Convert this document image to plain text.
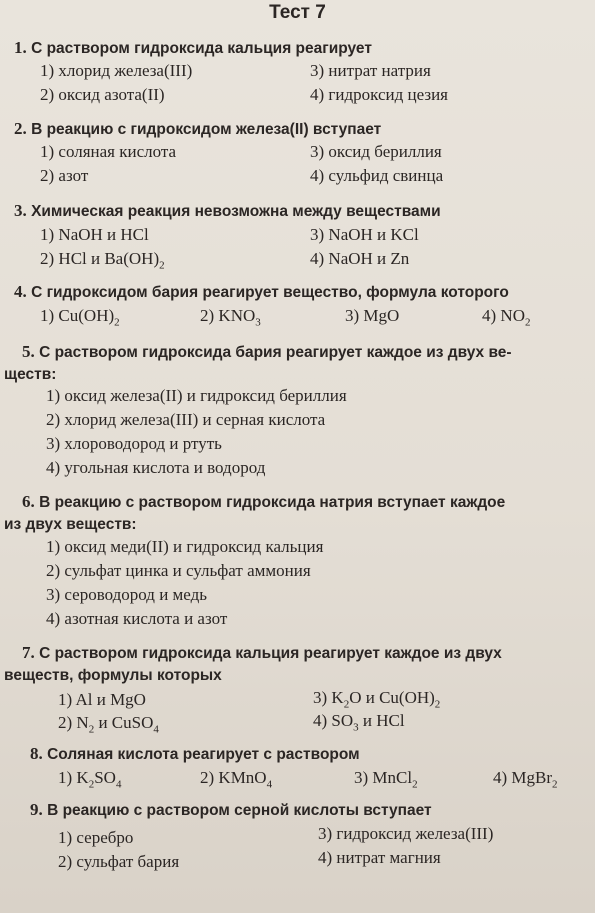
Тест 7
1. С раствором гидроксида кальция реагирует
1) хлорид железа(III)	3) нитрат натрия
2) оксид азота(II)	4) гидроксид цезия
2. В реакцию с гидроксидом железа(II) вступает
1) соляная кислота	3) оксид бериллия
2) азот	4) сульфид свинца
3. Химическая реакция невозможна между веществами
1) NaOH и HCl	3) NaOH и KCl
2) HCl и $Ba(OH)_2$	4) NaOH и Zn
4. С гидроксидом бария реагирует вещество, формула которого
1) $Cu(OH)_2$	2) $KNO_3$	3) MgO	4) $NO_2$
5. С раствором гидроксида бария реагирует каждое из двух ве-
ществ:
1) оксид железа(II) и гидроксид бериллия
2) хлорид железа(III) и серная кислота
3) хлороводород и ртуть
4) угольная кислота и водород
6. В реакцию с раствором гидроксида натрия вступает каждое
из двух веществ:
1) оксид меди(II) и гидроксид кальция
2) сульфат цинка и сульфат аммония
3) сероводород и медь
4) азотная кислота и азот
7. С раствором гидроксида кальция реагирует каждое из двух
веществ, формулы которых
1) Al и MgO	3) $K_2O$ и $Cu(OH)_2$
2) $N_2$ и CuSO$_4$	4) $SO_3$ и HCl
8. Соляная кислота реагирует с раствором
1) $K_2SO_4$	2) KMnO$_4$	3) MnCl$_2$	4) MgBr$_2$
9. В реакцию с раствором серной кислоты вступает
1) серебро	3) гидроксид железа(III)
2) сульфат бария	4) нитрат магния
